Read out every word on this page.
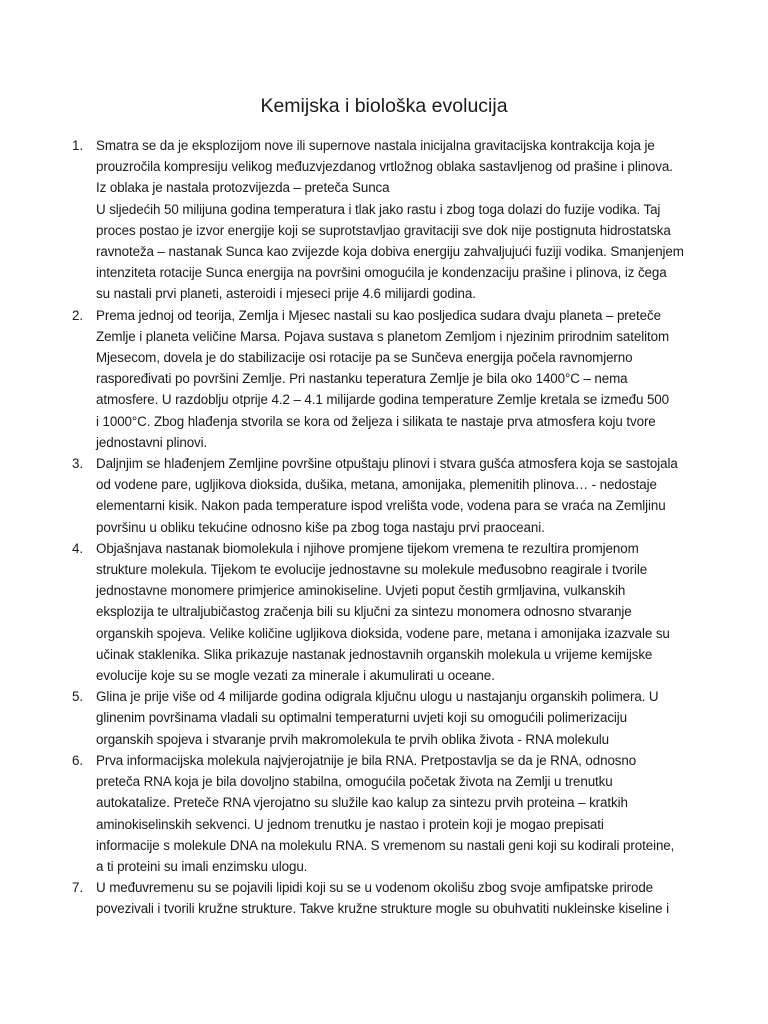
Kemijska i biološka evolucija
1. Smatra se da je eksplozijom nove ili supernove nastala inicijalna gravitacijska kontrakcija koja je
prouzročila kompresiju velikog međuzvjezdanog vrtložnog oblaka sastavljenog od prašine i plinova.
Iz oblaka je nastala protozvijezda – preteča Sunca
U sljedećih 50 milijuna godina temperatura i tlak jako rastu i zbog toga dolazi do fuzije vodika. Taj
proces postao je izvor energije koji se suprotstavljao gravitaciji sve dok nije postignuta hidrostatska
ravnoteža – nastanak Sunca kao zvijezde koja dobiva energiju zahvaljujući fuziji vodika. Smanjenjem
intenziteta rotacije Sunca energija na površini omogućila je kondenzaciju prašine i plinova, iz čega
su nastali prvi planeti, asteroidi i mjeseci prije 4.6 milijardi godina.
2. Prema jednoj od teorija, Zemlja i Mjesec nastali su kao posljedica sudara dvaju planeta – preteče
Zemlje i planeta veličine Marsa. Pojava sustava s planetom Zemljom i njezinim prirodnim satelitom
Mjesecom, dovela je do stabilizacije osi rotacije pa se Sunčeva energija počela ravnomjerno
raspoređivati po površini Zemlje. Pri nastanku teperatura Zemlje je bila oko 1400°C – nema
atmosfere. U razdoblju otprije 4.2 – 4.1 milijarde godina temperature Zemlje kretala se između 500
i 1000°C. Zbog hlađenja stvorila se kora od željeza i silikata te nastaje prva atmosfera koju tvore
jednostavni plinovi.
3. Daljnjim se hlađenjem Zemljine površine otpuštaju plinovi i stvara gušća atmosfera koja se sastojala
od vodene pare, ugljikova dioksida, dušika, metana, amonijaka, plemenitih plinova… - nedostaje
elementarni kisik. Nakon pada temperature ispod vrelišta vode, vodena para se vraća na Zemljinu
površinu u obliku tekućine odnosno kiše pa zbog toga nastaju prvi praoceani.
4. Objašnjava nastanak biomolekula i njihove promjene tijekom vremena te rezultira promjenom
strukture molekula. Tijekom te evolucije jednostavne su molekule međusobno reagirale i tvorile
jednostavne monomere primjerice aminokiseline. Uvjeti poput čestih grmljavina, vulkanskih
eksplozija te ultraljubičastog zračenja bili su ključni za sintezu monomera odnosno stvaranje
organskih spojeva. Velike količine ugljikova dioksida, vodene pare, metana i amonijaka izazvale su
učinak staklenika. Slika prikazuje nastanak jednostavnih organskih molekula u vrijeme kemijske
evolucije koje su se mogle vezati za minerale i akumulirati u oceane.
5. Glina je prije više od 4 milijarde godina odigrala ključnu ulogu u nastajanju organskih polimera. U
glinenim površinama vladali su optimalni temperaturni uvjeti koji su omogućili polimerizaciju
organskih spojeva i stvaranje prvih makromolekula te prvih oblika života - RNA molekulu
6. Prva informacijska molekula najvjerojatnije je bila RNA. Pretpostavlja se da je RNA, odnosno
preteča RNA koja je bila dovoljno stabilna, omogućila početak života na Zemlji u trenutku
autokatalize. Preteče RNA vjerojatno su služile kao kalup za sintezu prvih proteina – kratkih
aminokiselinskih sekvenci. U jednom trenutku je nastao i protein koji je mogao prepisati
informacije s molekule DNA na molekulu RNA. S vremenom su nastali geni koji su kodirali proteine,
a ti proteini su imali enzimsku ulogu.
7. U međuvremenu su se pojavili lipidi koji su se u vodenom okolišu zbog svoje amfipatske prirode
povezivali i tvorili kružne strukture. Takve kružne strukture mogle su obuhvatiti nukleinske kiseline i
